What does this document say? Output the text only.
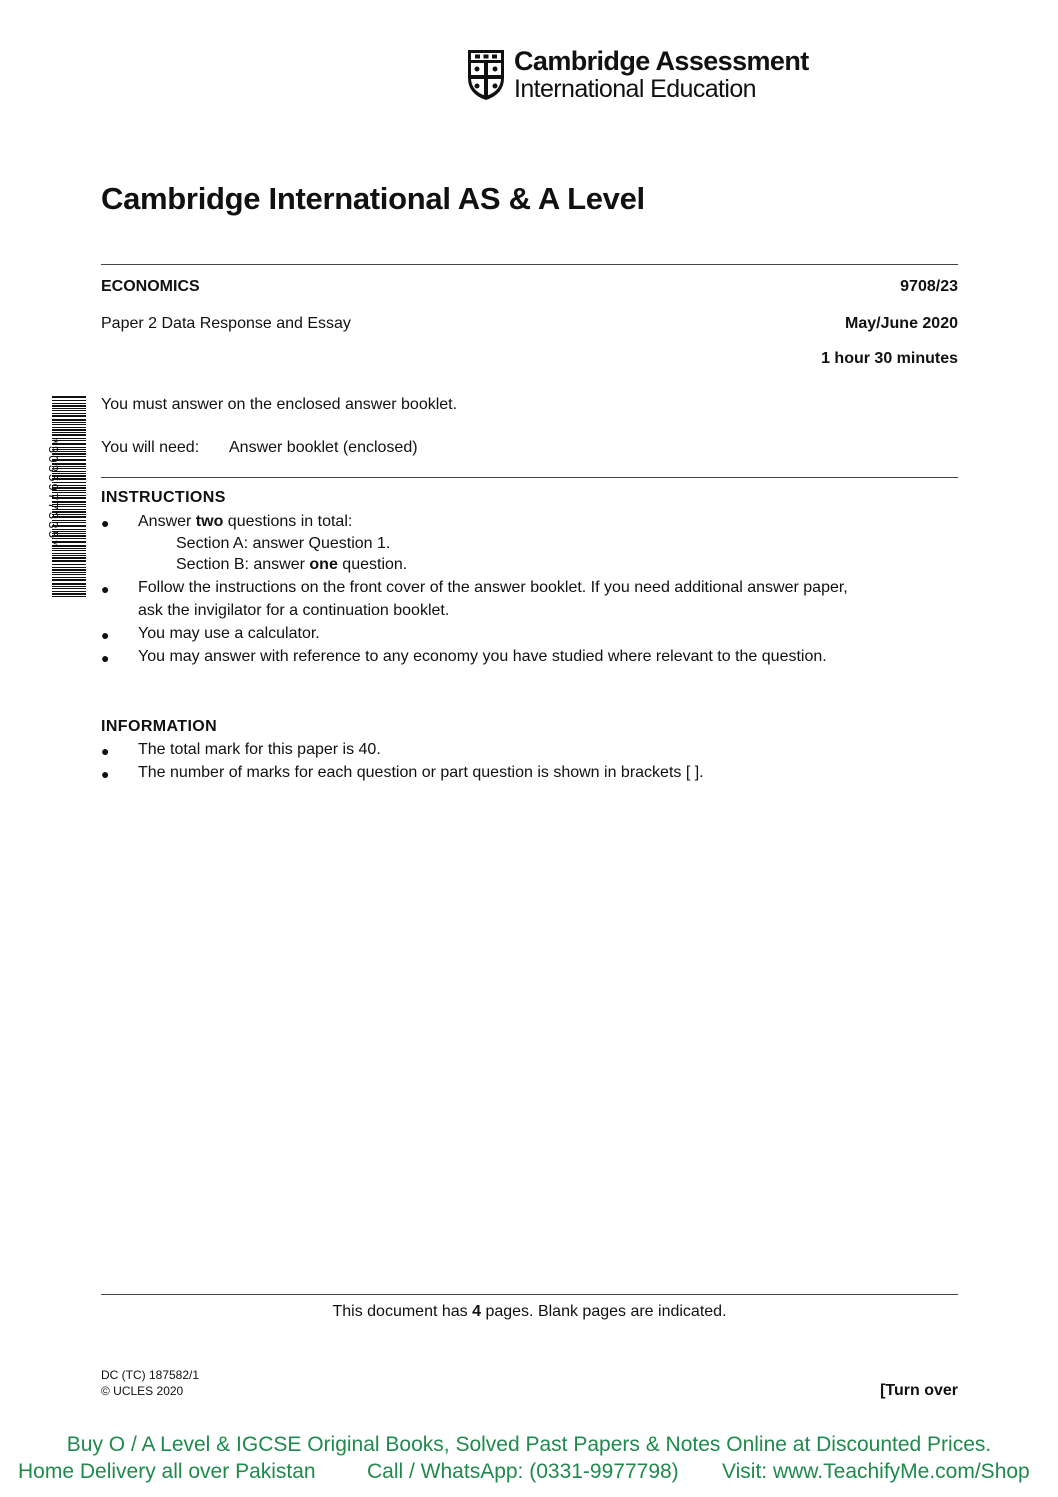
Cambridge Assessment
International Education
Cambridge International AS & A Level
ECONOMICS	9708/23
Paper 2 Data Response and Essay	May/June 2020
1 hour 30 minutes
*3035977335*
You must answer on the enclosed answer booklet.
You will need: Answer booklet (enclosed)
INSTRUCTIONS
● Answer two questions in total:
Section A: answer Question 1.
Section B: answer one question.
● Follow the instructions on the front cover of the answer booklet. If you need additional answer paper,
ask the invigilator for a continuation booklet.
● You may use a calculator.
● You may answer with reference to any economy you have studied where relevant to the question.
INFORMATION
● The total mark for this paper is 40.
● The number of marks for each question or part question is shown in brackets [ ].
This document has 4 pages. Blank pages are indicated.
DC (TC) 187582/1
© UCLES 2020	[Turn over
Buy O / A Level & IGCSE Original Books, Solved Past Papers & Notes Online at Discounted Prices.
Home Delivery all over Pakistan Call / WhatsApp: (0331-9977798) Visit: www.TeachifyMe.com/Shop
